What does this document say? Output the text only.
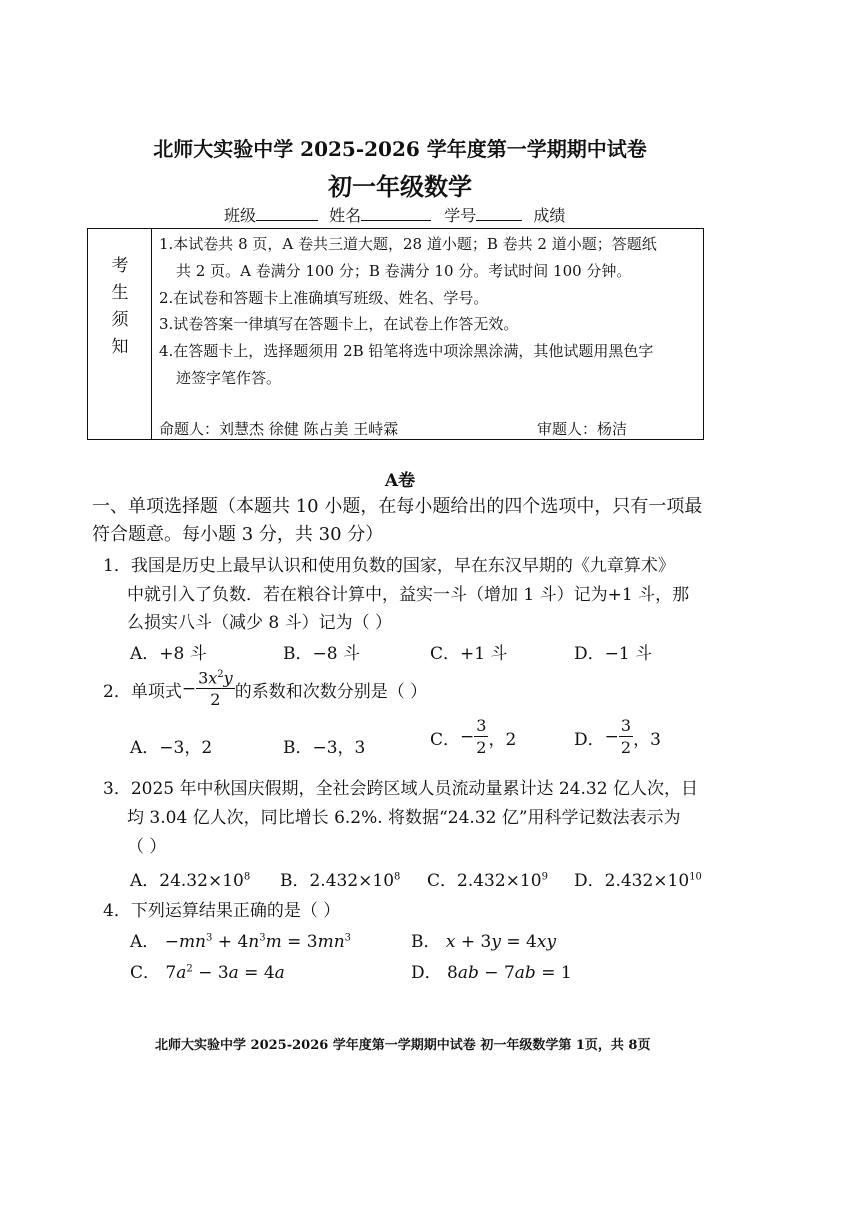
北师大实验中学 2025-2026 学年度第一学期期中试卷
初一年级数学
班级	姓名	学号	成绩
考
生
须
知
1.本试卷共 8 页，A 卷共三道大题，28 道小题；B 卷共 2 道小题；答题纸
共 2 页。A 卷满分 100 分；B 卷满分 10 分。考试时间 100 分钟。
2.在试卷和答题卡上准确填写班级、姓名、学号。
3.试卷答案一律填写在答题卡上，在试卷上作答无效。
4.在答题卡上，选择题须用 2B 铅笔将选中项涂黑涂满，其他试题用黑色字
迹签字笔作答。
命题人：刘慧杰 徐健 陈占美 王峙霖	审题人：杨洁
A卷
一、单项选择题（本题共 10 小题，在每小题给出的四个选项中，只有一项最
符合题意。每小题 3 分，共 30 分）
1．我国是历史上最早认识和使用负数的国家，早在东汉早期的《九章算术》
中就引入了负数．若在粮谷计算中，益实一斗（增加 1 斗）记为+1 斗，那
么损实八斗（减少 8 斗）记为（ ）
A．+8 斗	B．−8 斗	C．+1 斗	D．−1 斗
2．单项式 − $\frac{3x^2y}{2}$ 的系数和次数分别是（ ）
A．−3，2	B．−3，3	C． − $\frac{3}{2}$ ，2	D． − $\frac{3}{2}$ ，3
3．2025 年中秋国庆假期，全社会跨区域人员流动量累计达 24.32 亿人次，日
均 3.04 亿人次，同比增长 6.2%. 将数据“24.32 亿”用科学记数法表示为
（ ）
A．$24.32\times 10^8$ B．$2.432\times 10^8$ C．$2.432\times 10^9$ D．$2.432\times 10^{10}$
4．下列运算结果正确的是（ ）
A． $-mn^3 + 4n^3m = 3mn^3$	B． x + 3y = 4xy
C． $7a^2 - 3a = 4a$	D． 8ab − 7ab = 1
北师大实验中学 2025-2026 学年度第一学期期中试卷 初一年级数学第 1页，共 8页
